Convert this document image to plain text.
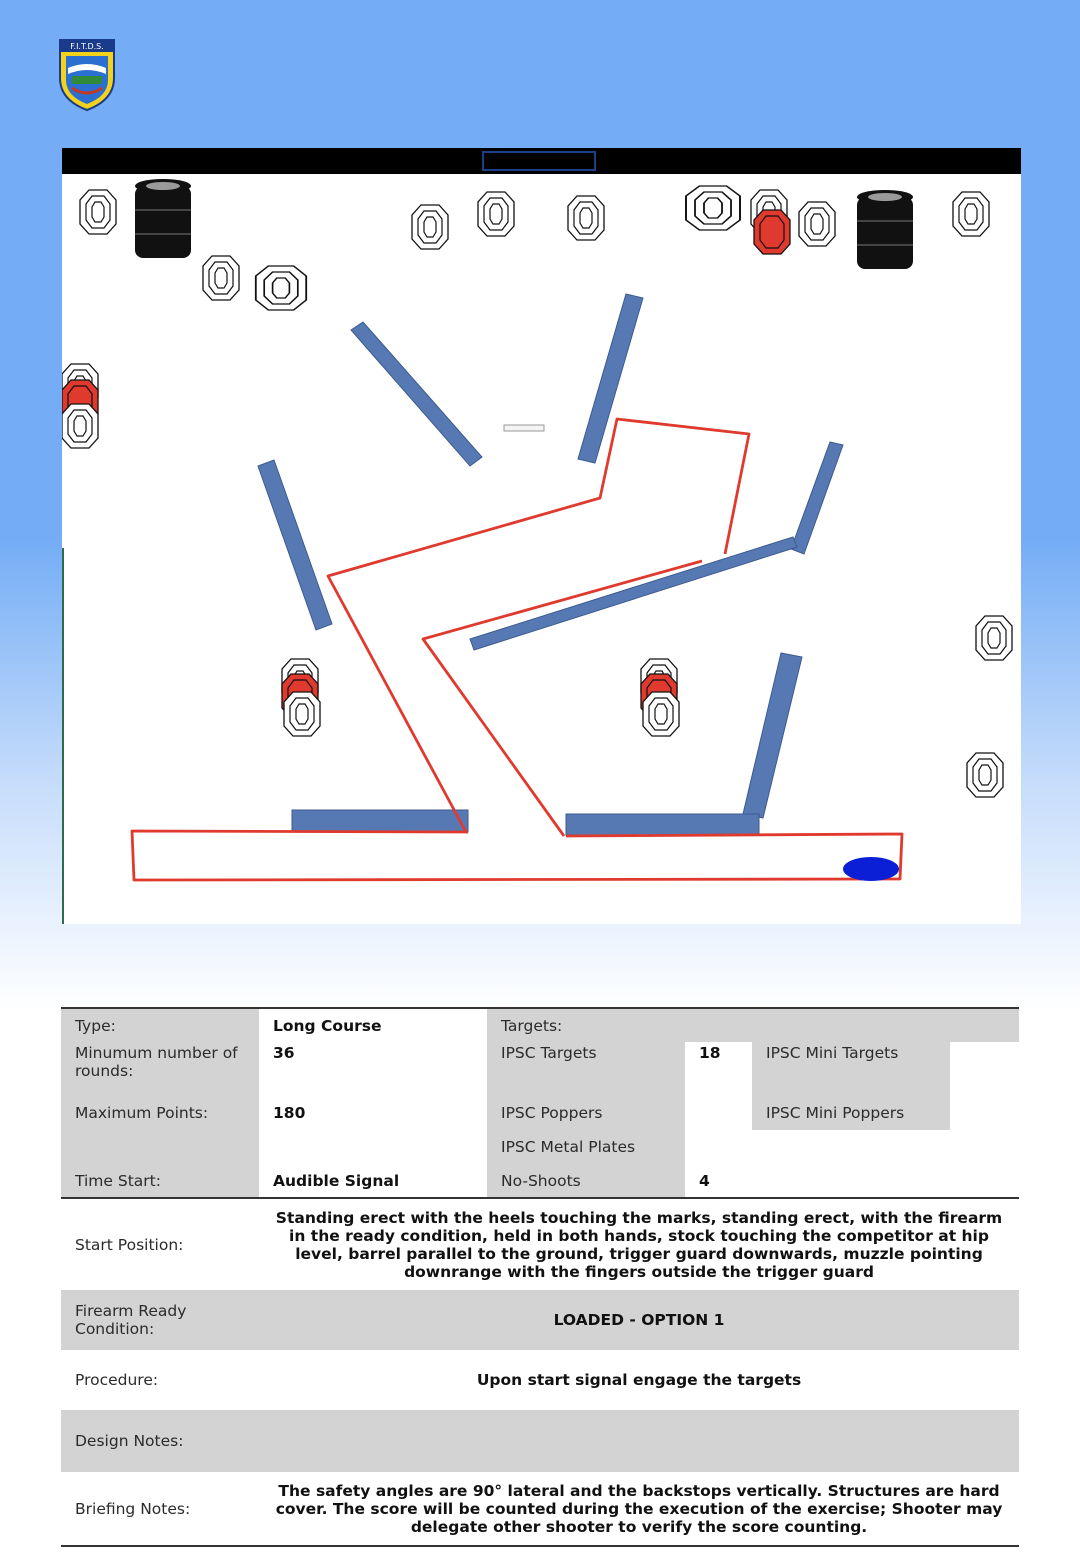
F.I.T.D.S.
Type:	Long Course	Targets:			
Minumum number of rounds:	36	IPSC Targets	18	IPSC Mini Targets	
Maximum Points:	180	IPSC Poppers		IPSC Mini Poppers	
		IPSC Metal Plates			
Time Start:	Audible Signal	No-Shoots	4		
Start Position:	Standing erect with the heels touching the marks, standing erect, with the firearm in the ready condition, held in both hands, stock touching the competitor at hip level, barrel parallel to the ground, trigger guard downwards, muzzle pointing downrange with the fingers outside the trigger guard				
Firearm Ready Condition:	LOADED - OPTION 1				
Procedure:	Upon start signal engage the targets				
Design Notes:					
Briefing Notes:	The safety angles are 90° lateral and the backstops vertically. Structures are hard cover. The score will be counted during the execution of the exercise; Shooter may delegate other shooter to verify the score counting.				
